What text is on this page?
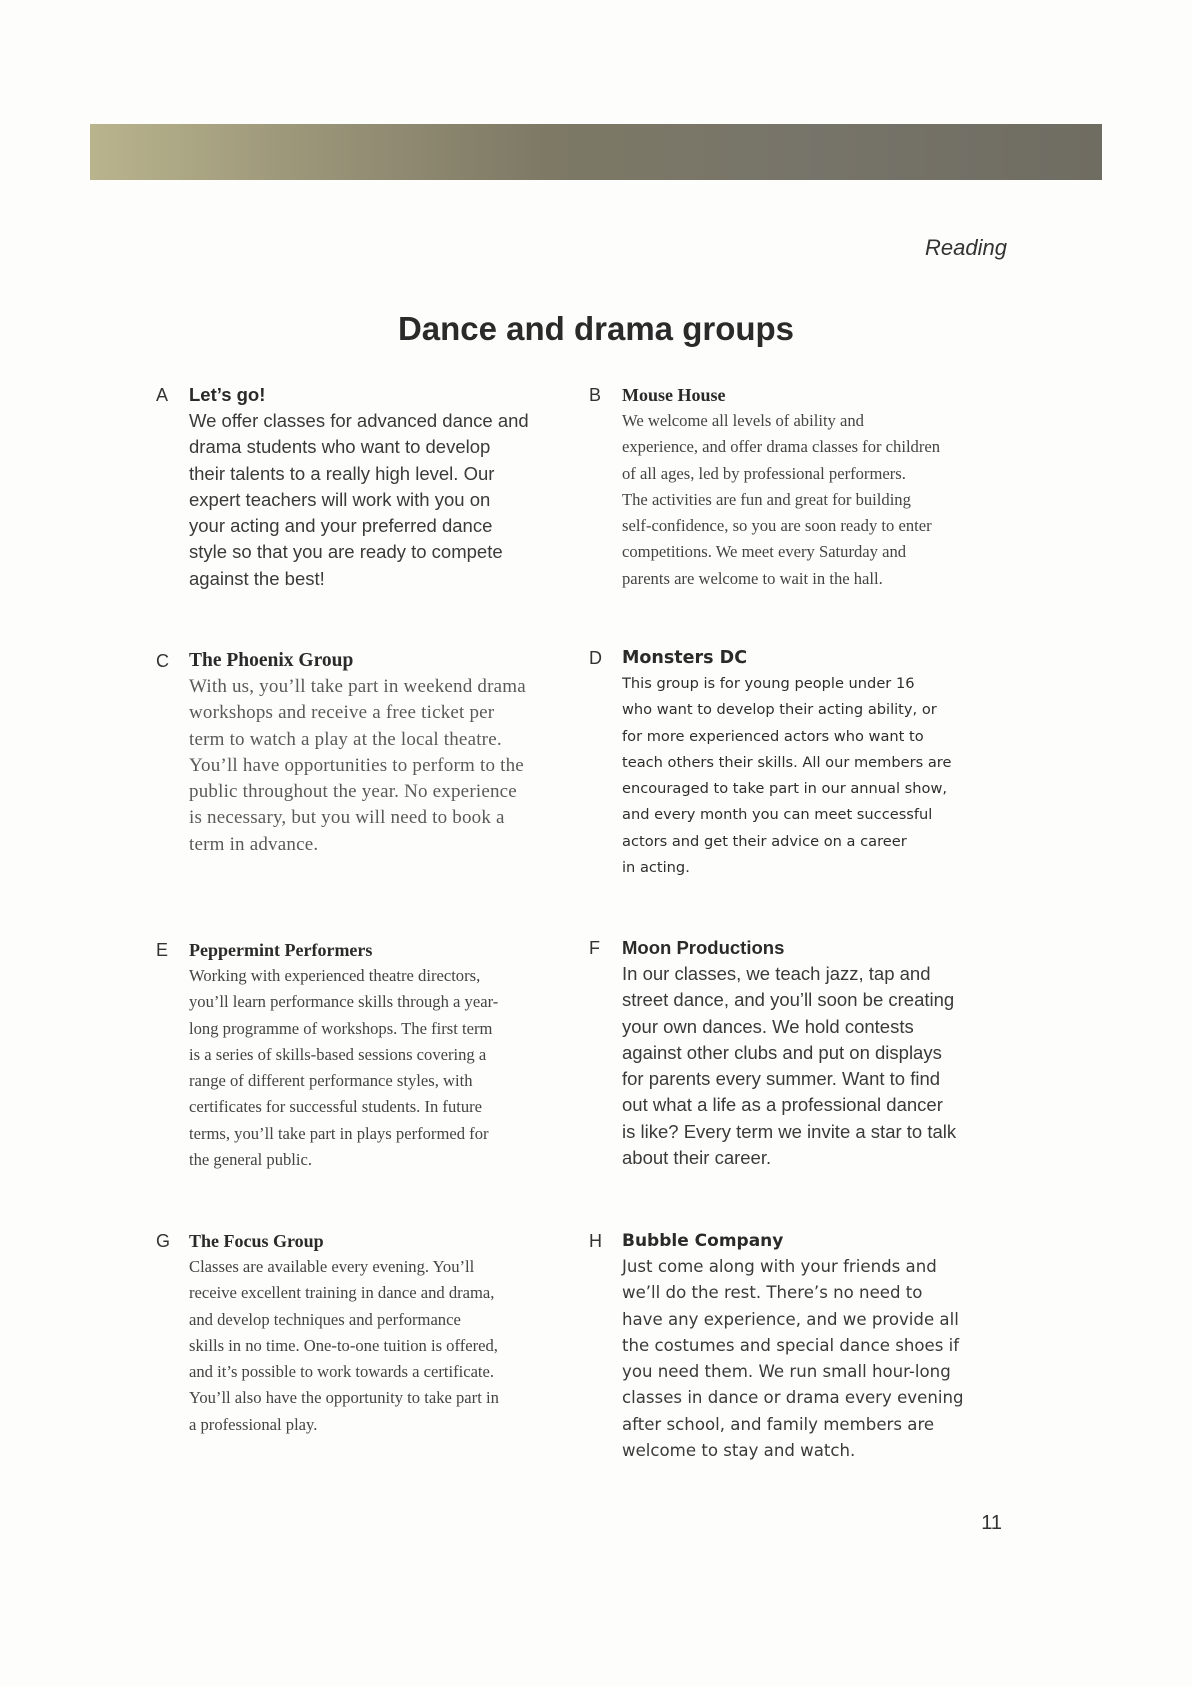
Reading
Dance and drama groups
A Let’s go!

We offer classes for advanced dance and
drama students who want to develop
their talents to a really high level. Our
expert teachers will work with you on
your acting and your preferred dance
style so that you are ready to compete
against the best!
B Mouse House

We welcome all levels of ability and
experience, and offer drama classes for children
of all ages, led by professional performers.
The activities are fun and great for building
self-confidence, so you are soon ready to enter
competitions. We meet every Saturday and
parents are welcome to wait in the hall.
C The Phoenix Group

With us, you’ll take part in weekend drama
workshops and receive a free ticket per
term to watch a play at the local theatre.
You’ll have opportunities to perform to the
public throughout the year. No experience
is necessary, but you will need to book a
term in advance.
D Monsters DC

This group is for young people under 16
who want to develop their acting ability, or
for more experienced actors who want to
teach others their skills. All our members are
encouraged to take part in our annual show,
and every month you can meet successful
actors and get their advice on a career
in acting.
E Peppermint Performers

Working with experienced theatre directors,
you’ll learn performance skills through a year-
long programme of workshops. The first term
is a series of skills-based sessions covering a
range of different performance styles, with
certificates for successful students. In future
terms, you’ll take part in plays performed for
the general public.
F Moon Productions

In our classes, we teach jazz, tap and
street dance, and you’ll soon be creating
your own dances. We hold contests
against other clubs and put on displays
for parents every summer. Want to find
out what a life as a professional dancer
is like? Every term we invite a star to talk
about their career.
G The Focus Group

Classes are available every evening. You’ll
receive excellent training in dance and drama,
and develop techniques and performance
skills in no time. One-to-one tuition is offered,
and it’s possible to work towards a certificate.
You’ll also have the opportunity to take part in
a professional play.
H Bubble Company

Just come along with your friends and
we’ll do the rest. There’s no need to
have any experience, and we provide all
the costumes and special dance shoes if
you need them. We run small hour-long
classes in dance or drama every evening
after school, and family members are
welcome to stay and watch.
11
